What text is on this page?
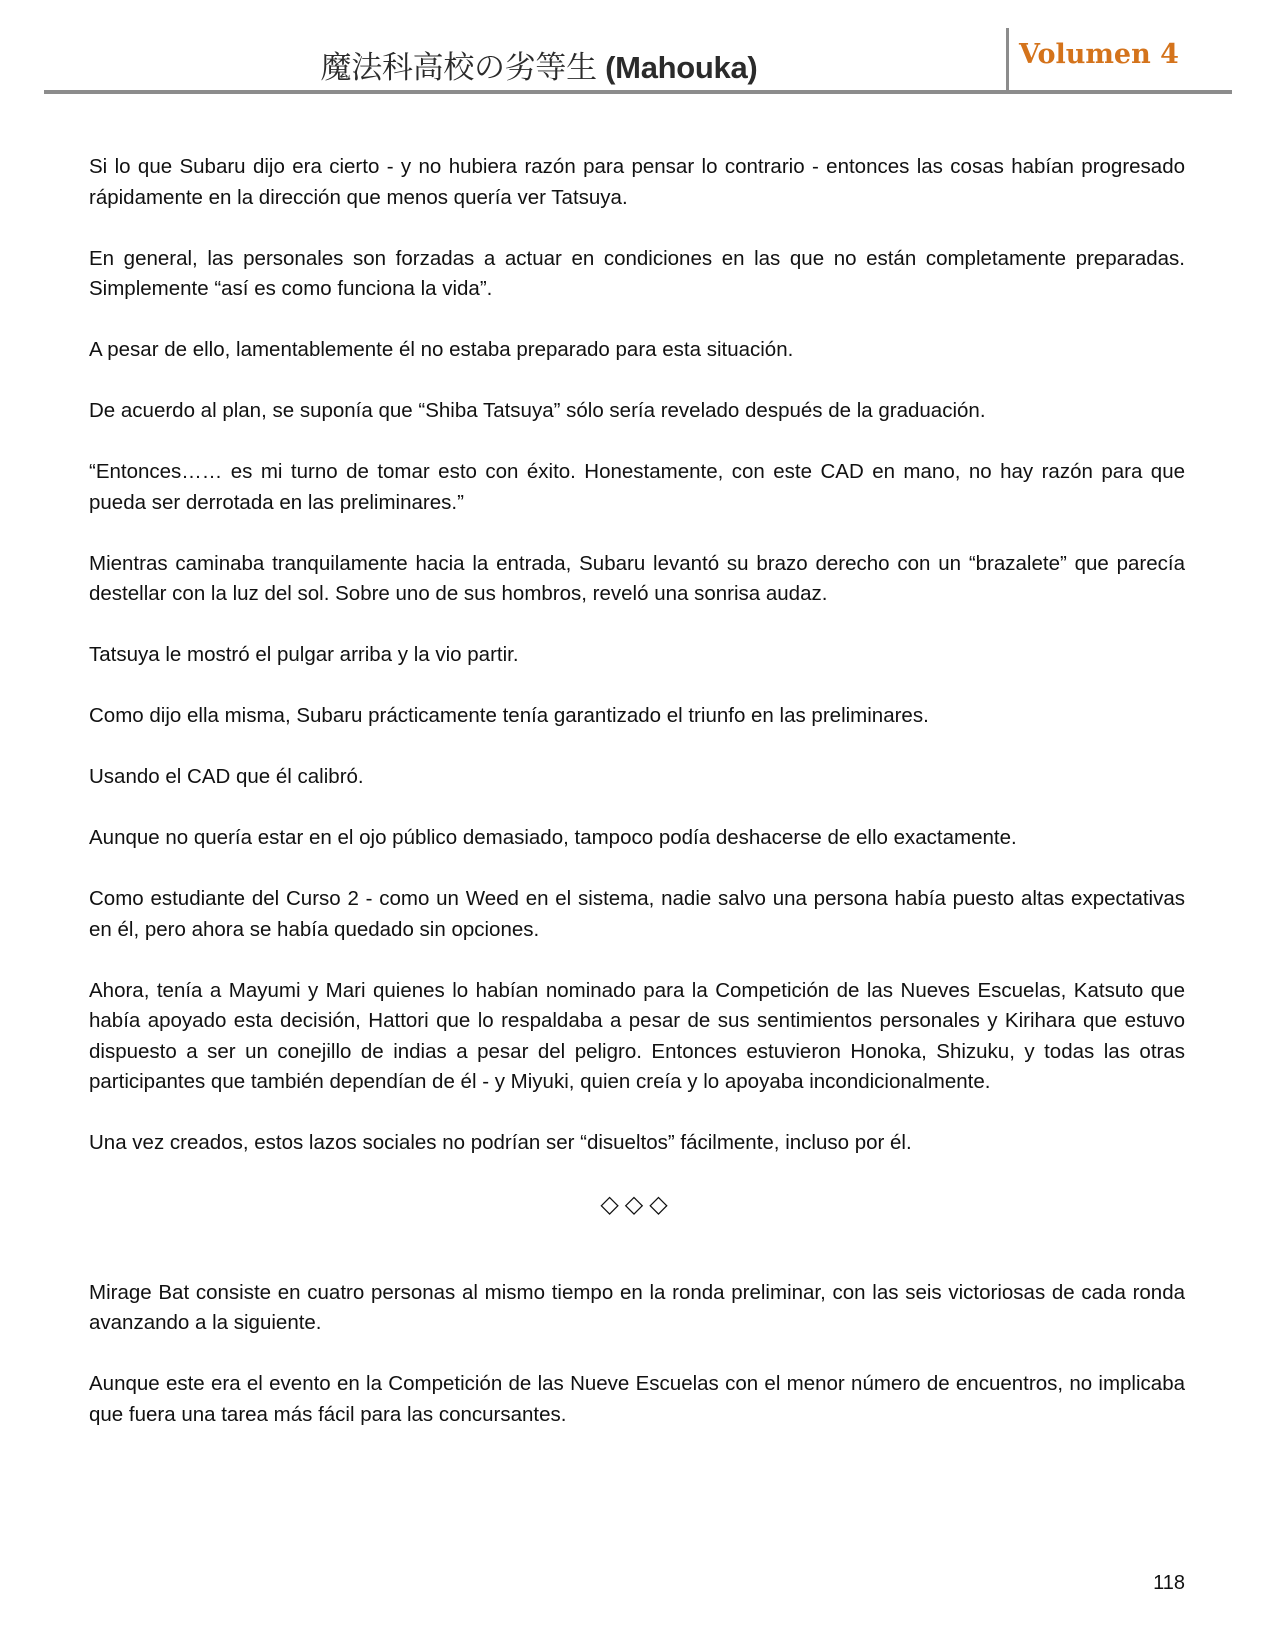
魔法科高校の劣等生 (Mahouka)	Volumen 4

Si lo que Subaru dijo era cierto - y no hubiera razón para pensar lo contrario - entonces las cosas habían progresado rápidamente en la dirección que menos quería ver Tatsuya.

En general, las personales son forzadas a actuar en condiciones en las que no están completamente preparadas. Simplemente “así es como funciona la vida”.

A pesar de ello, lamentablemente él no estaba preparado para esta situación.

De acuerdo al plan, se suponía que “Shiba Tatsuya” sólo sería revelado después de la graduación.

“Entonces…… es mi turno de tomar esto con éxito. Honestamente, con este CAD en mano, no hay razón para que pueda ser derrotada en las preliminares.”

Mientras caminaba tranquilamente hacia la entrada, Subaru levantó su brazo derecho con un “brazalete” que parecía destellar con la luz del sol. Sobre uno de sus hombros, reveló una sonrisa audaz.

Tatsuya le mostró el pulgar arriba y la vio partir.

Como dijo ella misma, Subaru prácticamente tenía garantizado el triunfo en las preliminares.

Usando el CAD que él calibró.

Aunque no quería estar en el ojo público demasiado, tampoco podía deshacerse de ello exactamente.

Como estudiante del Curso 2 - como un Weed en el sistema, nadie salvo una persona había puesto altas expectativas en él, pero ahora se había quedado sin opciones.

Ahora, tenía a Mayumi y Mari quienes lo habían nominado para la Competición de las Nueves Escuelas, Katsuto que había apoyado esta decisión, Hattori que lo respaldaba a pesar de sus sentimientos personales y Kirihara que estuvo dispuesto a ser un conejillo de indias a pesar del peligro. Entonces estuvieron Honoka, Shizuku, y todas las otras participantes que también dependían de él - y Miyuki, quien creía y lo apoyaba incondicionalmente.

Una vez creados, estos lazos sociales no podrían ser “disueltos” fácilmente, incluso por él.

◇◇◇

Mirage Bat consiste en cuatro personas al mismo tiempo en la ronda preliminar, con las seis victoriosas de cada ronda avanzando a la siguiente.

Aunque este era el evento en la Competición de las Nueve Escuelas con el menor número de encuentros, no implicaba que fuera una tarea más fácil para las concursantes.

118
